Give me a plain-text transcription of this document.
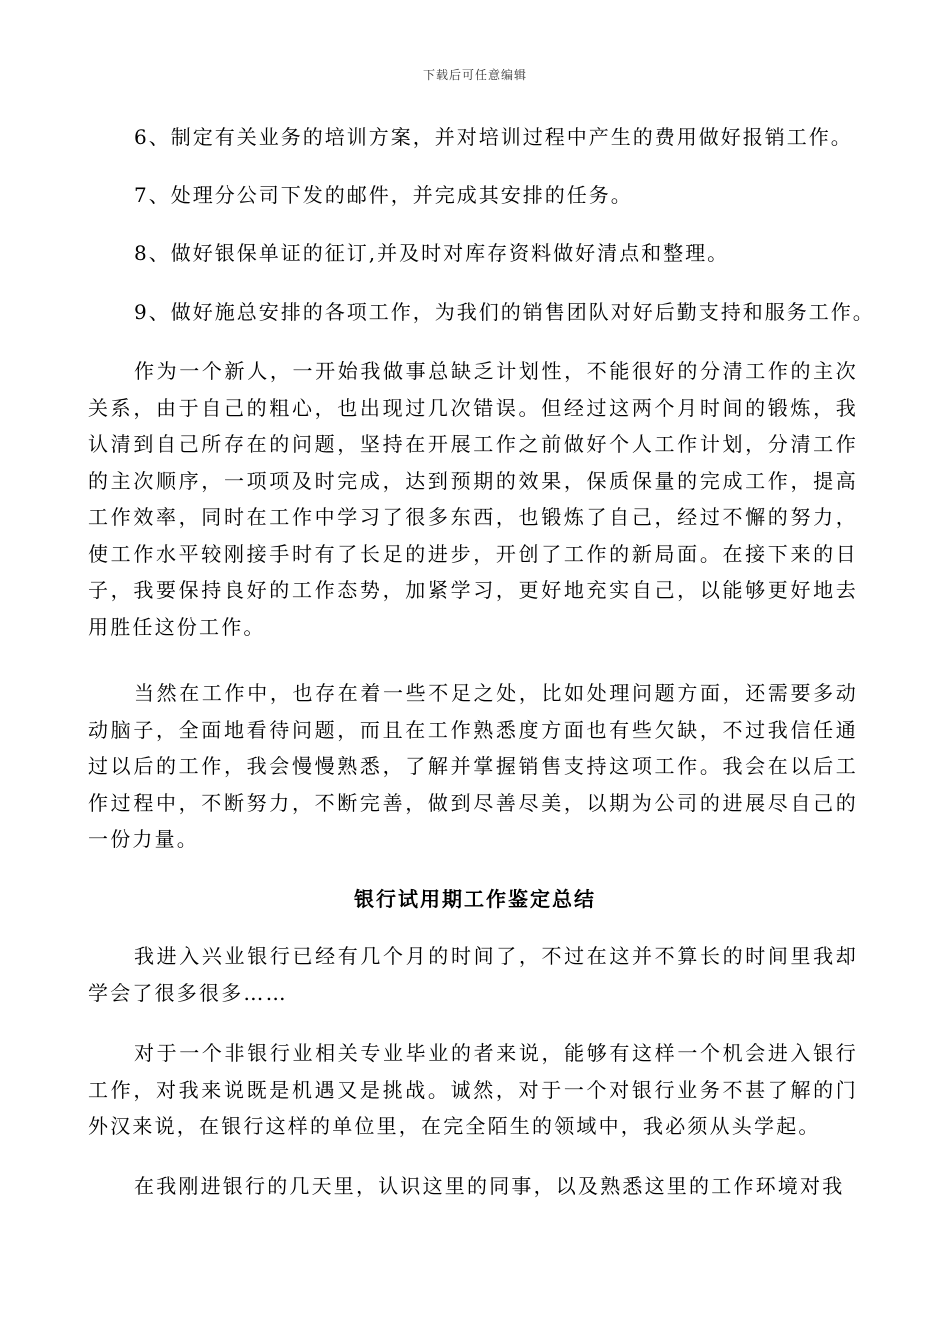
下载后可任意编辑
6、制定有关业务的培训方案，并对培训过程中产生的费用做好报销工作。
7、处理分公司下发的邮件，并完成其安排的任务。
8、做好银保单证的征订,并及时对库存资料做好清点和整理。
9、做好施总安排的各项工作，为我们的销售团队对好后勤支持和服务工作。

作为一个新人，一开始我做事总缺乏计划性，不能很好的分清工作的主次关系，由于自己的粗心，也出现过几次错误。但经过这两个月时间的锻炼，我认清到自己所存在的问题，坚持在开展工作之前做好个人工作计划，分清工作的主次顺序，一项项及时完成，达到预期的效果，保质保量的完成工作，提高工作效率，同时在工作中学习了很多东西，也锻炼了自己，经过不懈的努力，使工作水平较刚接手时有了长足的进步，开创了工作的新局面。在接下来的日子，我要保持良好的工作态势，加紧学习，更好地充实自己，以能够更好地去用胜任这份工作。

当然在工作中，也存在着一些不足之处，比如处理问题方面，还需要多动动脑子，全面地看待问题，而且在工作熟悉度方面也有些欠缺，不过我信任通过以后的工作，我会慢慢熟悉，了解并掌握销售支持这项工作。我会在以后工作过程中，不断努力，不断完善，做到尽善尽美，以期为公司的进展尽自己的一份力量。

银行试用期工作鉴定总结

我进入兴业银行已经有几个月的时间了，不过在这并不算长的时间里我却学会了很多很多……

对于一个非银行业相关专业毕业的者来说，能够有这样一个机会进入银行工作，对我来说既是机遇又是挑战。诚然，对于一个对银行业务不甚了解的门外汉来说，在银行这样的单位里，在完全陌生的领域中，我必须从头学起。

在我刚进银行的几天里，认识这里的同事，以及熟悉这里的工作环境对我
